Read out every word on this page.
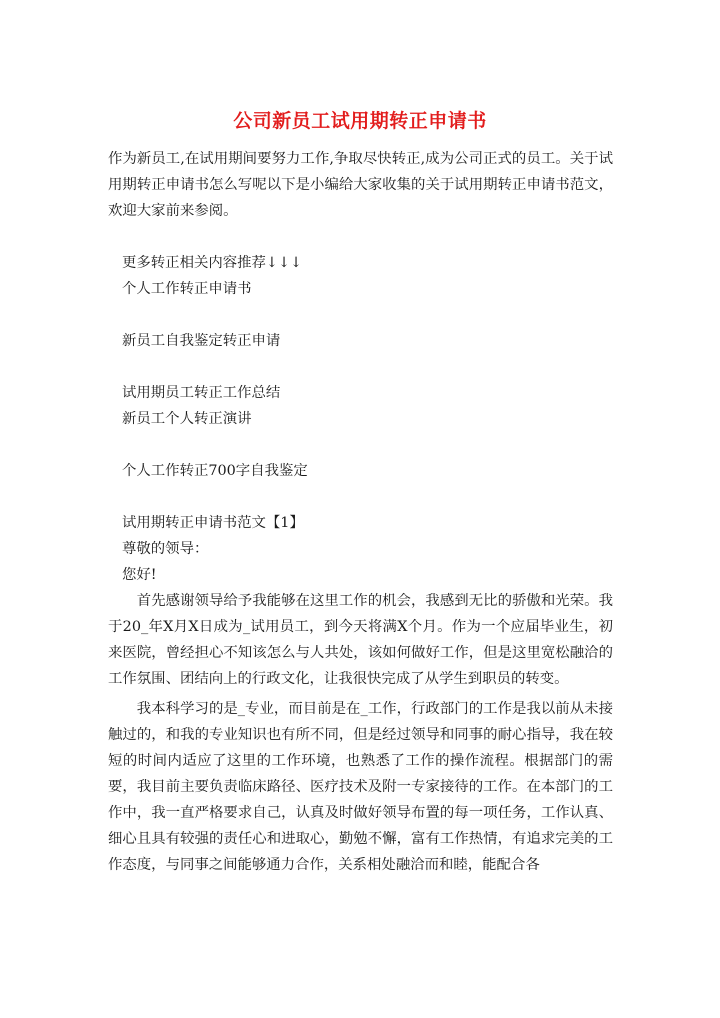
公司新员工试用期转正申请书

作为新员工,在试用期间要努力工作,争取尽快转正,成为公司正式的员工。关于试用期转正申请书怎么写呢以下是小编给大家收集的关于试用期转正申请书范文，欢迎大家前来参阅。

更多转正相关内容推荐↓↓↓

个人工作转正申请书

新员工自我鉴定转正申请

试用期员工转正工作总结

新员工个人转正演讲

个人工作转正700字自我鉴定

试用期转正申请书范文【1】

尊敬的领导：

您好!

首先感谢领导给予我能够在这里工作的机会，我感到无比的骄傲和光荣。我于20_年X月X日成为_试用员工，到今天将满X个月。作为一个应届毕业生，初来医院，曾经担心不知该怎么与人共处，该如何做好工作，但是这里宽松融洽的工作氛围、团结向上的行政文化，让我很快完成了从学生到职员的转变。

我本科学习的是_专业，而目前是在_工作，行政部门的工作是我以前从未接触过的，和我的专业知识也有所不同，但是经过领导和同事的耐心指导，我在较短的时间内适应了这里的工作环境，也熟悉了工作的操作流程。根据部门的需要，我目前主要负责临床路径、医疗技术及附一专家接待的工作。在本部门的工作中，我一直严格要求自己，认真及时做好领导布置的每一项任务，工作认真、细心且具有较强的责任心和进取心，勤勉不懈，富有工作热情，有追求完美的工作态度，与同事之间能够通力合作，关系相处融洽而和睦，能配合各
